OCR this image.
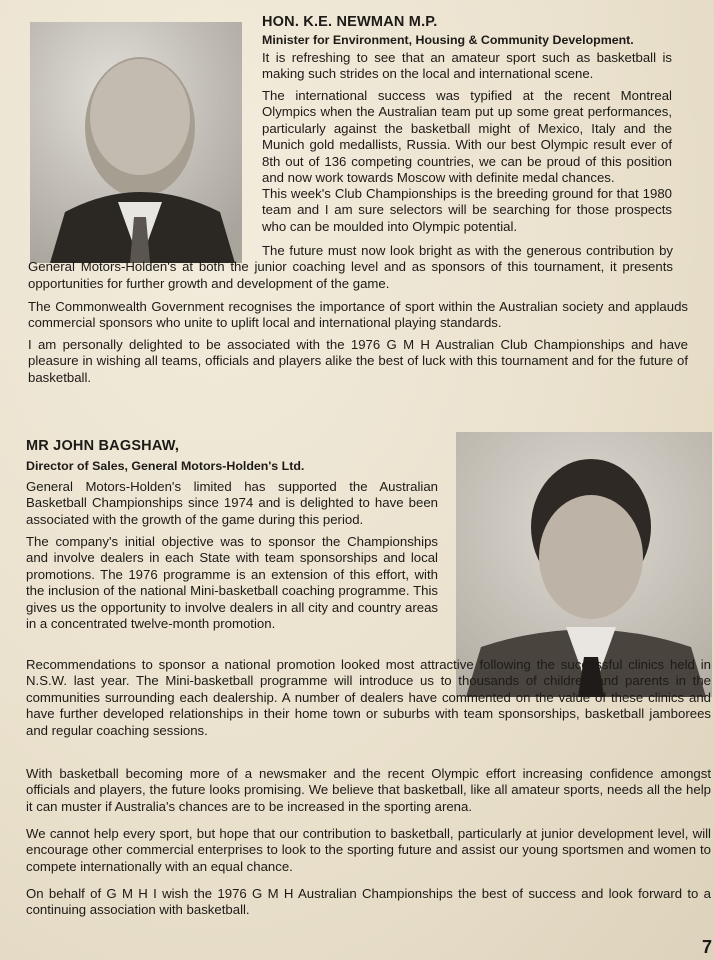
HON. K.E. NEWMAN M.P.
Minister for Environment, Housing & Community Development.

It is refreshing to see that an amateur sport such as basketball is making such strides on the local and international scene.

The international success was typified at the recent Montreal Olympics when the Australian team put up some great performances, particularly against the basketball might of Mexico, Italy and the Munich gold medallists, Russia. With our best Olympic result ever of 8th out of 136 competing countries, we can be proud of this position and now work towards Moscow with definite medal chances.

This week's Club Championships is the breeding ground for that 1980 team and I am sure selectors will be searching for those prospects who can be moulded into Olympic potential.

The future must now look bright as with the generous contribution by General Motors-Holden's at both the junior coaching level and as sponsors of this tournament, it presents opportunities for further growth and development of the game.

The Commonwealth Government recognises the importance of sport within the Australian society and applauds commercial sponsors who unite to uplift local and international playing standards.

I am personally delighted to be associated with the 1976 G M H Australian Club Championships and have pleasure in wishing all teams, officials and players alike the best of luck with this tournament and for the future of basketball.

MR JOHN BAGSHAW,
Director of Sales, General Motors-Holden's Ltd.

General Motors-Holden's limited has supported the Australian Basketball Championships since 1974 and is delighted to have been associated with the growth of the game during this period.

The company's initial objective was to sponsor the Championships and involve dealers in each State with team sponsorships and local promotions. The 1976 programme is an extension of this effort, with the inclusion of the national Mini-basketball coaching programme. This gives us the opportunity to involve dealers in all city and country areas in a concentrated twelve-month promotion.

Recommendations to sponsor a national promotion looked most attractive following the successful clinics held in N.S.W. last year. The Mini-basketball programme will introduce us to thousands of children and parents in the communities surrounding each dealership. A number of dealers have commented on the value of these clinics and have further developed relationships in their home town or suburbs with team sponsorships, basketball jamborees and regular coaching sessions.

With basketball becoming more of a newsmaker and the recent Olympic effort increasing confidence amongst officials and players, the future looks promising. We believe that basketball, like all amateur sports, needs all the help it can muster if Australia's chances are to be increased in the sporting arena.

We cannot help every sport, but hope that our contribution to basketball, particularly at junior development level, will encourage other commercial enterprises to look to the sporting future and assist our young sportsmen and women to compete internationally with an equal chance.

On behalf of G M H I wish the 1976 G M H Australian Championships the best of success and look forward to a continuing association with basketball.

7
